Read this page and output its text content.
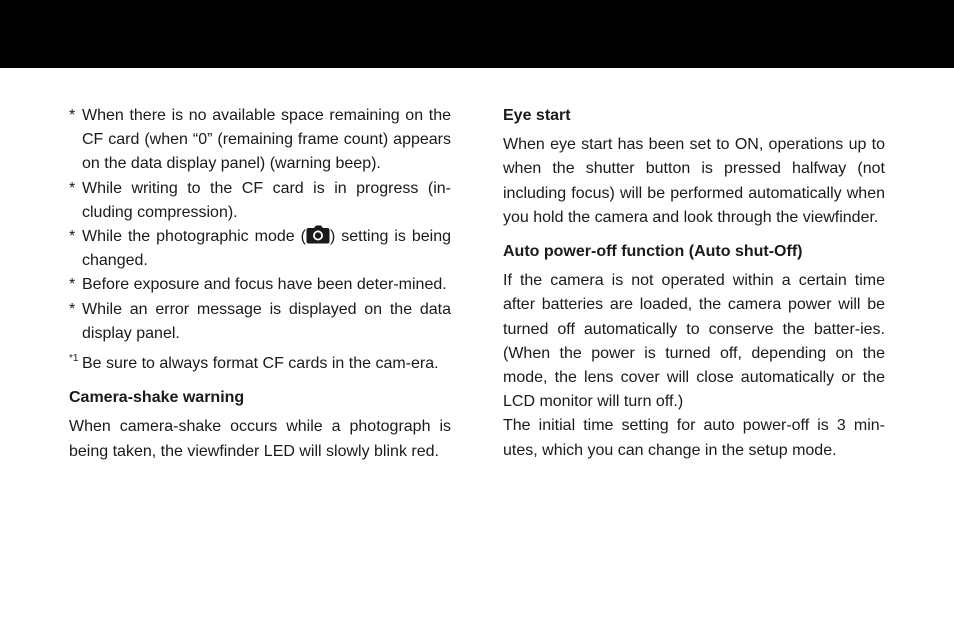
* When there is no available space remaining on the CF card (when “0” (remaining frame count) appears on the data display panel) (warning beep).
* While writing to the CF card is in progress (in-cluding compression).
* While the photographic mode ( ) setting is being changed.
* Before exposure and focus have been deter-mined.
* While an error message is displayed on the data display panel.
*1 Be sure to always format CF cards in the cam-era.

Camera-shake warning

When camera-shake occurs while a photograph is being taken, the viewfinder LED will slowly blink red.

Eye start

When eye start has been set to ON, operations up to when the shutter button is pressed halfway (not including focus) will be performed automatically when you hold the camera and look through the viewfinder.

Auto power-off function (Auto shut-Off)

If the camera is not operated within a certain time after batteries are loaded, the camera power will be turned off automatically to conserve the batter-ies. (When the power is turned off, depending on the mode, the lens cover will close automatically or the LCD monitor will turn off.)

The initial time setting for auto power-off is 3 min-utes, which you can change in the setup mode.
